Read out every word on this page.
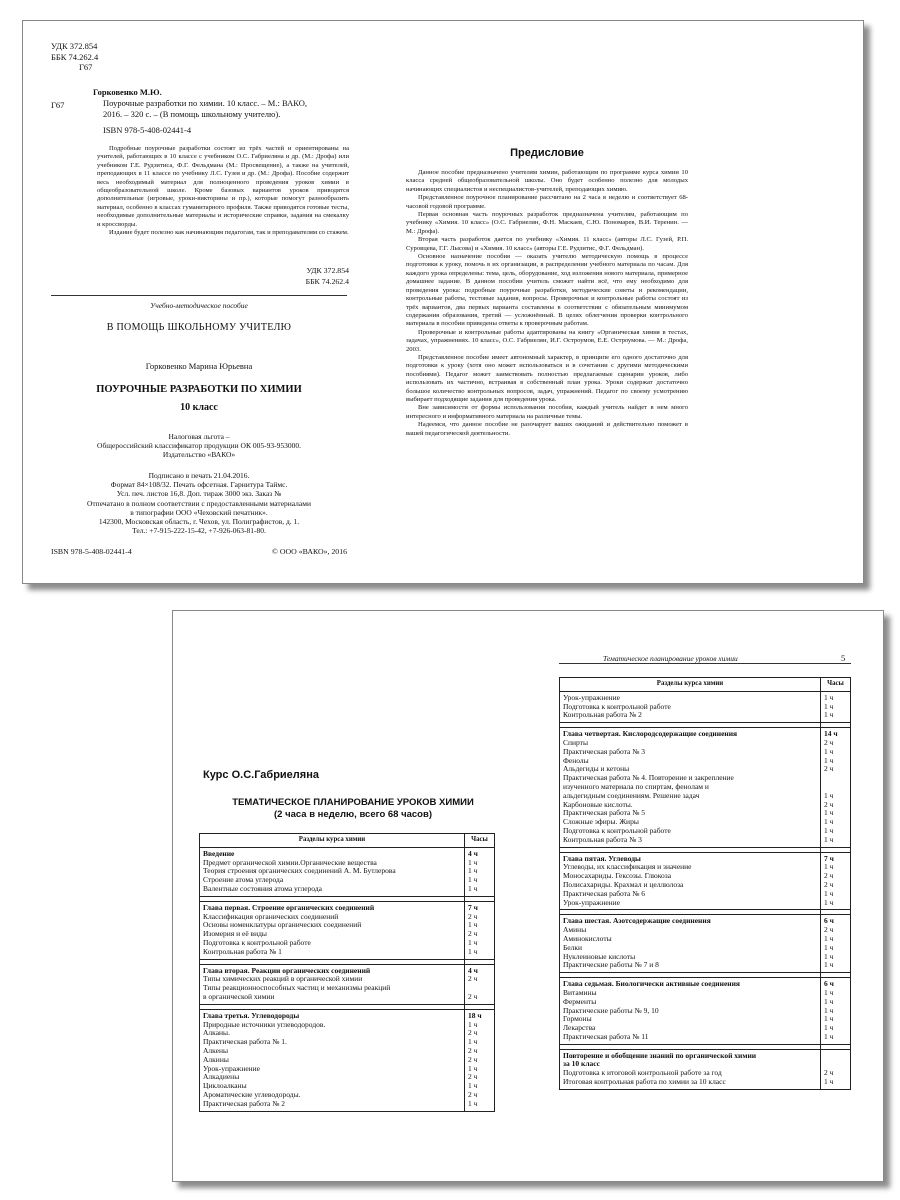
УДК 372.854
ББК 74.262.4
Г67
Горковенко М.Ю.
Г67	Поурочные разработки по химии. 10 класс. – М.: ВАКО,
2016. – 320 с. – (В помощь школьному учителю).
ISBN 978-5-408-02441-4
Подробные поурочные разработки состоят из трёх частей и ориентированы на учителей, работающих в 10 классе с учебником О.С. Габриеляна и др. (М.: Дрофа) или учебником Г.Е. Рудзитиса, Ф.Г. Фельдмана (М.: Просвещение), а также на учителей, преподающих в 11 классе по учебнику Л.С. Гузея и др. (М.: Дрофа). Пособие содержит весь необходимый материал для полноценного проведения уроков химии в общеобразовательной школе. Кроме базовых вариантов уроков приводятся дополнительные (игровые, уроки-викторины и пр.), которые помогут разнообразить материал, особенно в классах гуманитарного профиля. Также приводятся готовые тесты, необходимые дополнительные материалы и исторические справки, задания на смекалку и кроссворды.
Издание будет полезно как начинающим педагогам, так и преподавателям со стажем.
УДК 372.854
ББК 74.262.4
Учебно-методическое пособие
В ПОМОЩЬ ШКОЛЬНОМУ УЧИТЕЛЮ
Горковенко Марина Юрьевна
ПОУРОЧНЫЕ РАЗРАБОТКИ ПО ХИМИИ
10 класс
Налоговая льгота –
Общероссийский классификатор продукции ОК 005-93-953000.
Издательство «ВАКО»
Подписано в печать 21.04.2016.
Формат 84×108/32. Печать офсетная. Гарнитура Таймс.
Усл. печ. листов 16,8. Доп. тираж 3000 экз. Заказ №
Отпечатано в полном соответствии с предоставленными материалами
в типографии ООО «Чеховский печатник».
142300, Московская область, г. Чехов, ул. Полиграфистов, д. 1.
Тел.: +7-915-222-15-42, +7-926-063-81-80.
ISBN 978-5-408-02441-4	© ООО «ВАКО», 2016
Предисловие
Данное пособие предназначено учителям химии, работающим по программе курса химии 10 класса средней общеобразовательной школы. Оно будет особенно полезно для молодых начинающих специалистов и неспециалистов-учителей, преподающих химию.
Представленное поурочное планирование рассчитано на 2 часа в неделю и соответствует 68-часовой годовой программе.
Первая основная часть поурочных разработок предназначена учителям, работающим по учебнику «Химия. 10 класс» (О.С. Габриелян, Ф.Н. Маскаев, С.Ю. Пономарев, В.И. Теренин. — М.: Дрофа).
Вторая часть разработок дается по учебнику «Химия. 11 класс» (авторы Л.С. Гузей, Р.П. Суровцева, Г.Г. Лысова) и «Химия. 10 класс» (авторы Г.Е. Рудзитис, Ф.Г. Фельдман).
Основное назначение пособия — оказать учителю методическую помощь в процессе подготовки к уроку, помочь в их организации, в распределении учебного материала по часам. Для каждого урока определены: тема, цель, оборудование, ход изложения нового материала, примерное домашнее задание. В данном пособии учитель сможет найти всё, что ему необходимо для проведения урока: подробные поурочные разработки, методические советы и рекомендации, контрольные работы, тестовые задания, вопросы. Проверочные и контрольные работы состоят из трёх вариантов, два первых варианта составлены в соответствии с обязательным минимумом содержания образования, третий — усложнённый. В целях облегчения проверки контрольного материала в пособии приведены ответы к проверочным работам.
Проверочные и контрольные работы адаптированы на книгу «Органическая химия в тестах, задачах, упражнениях. 10 класс», О.С. Габриелян, И.Г. Остроумов, Е.Е. Остроумова. — М.: Дрофа, 2003.
Представленное пособие имеет автономный характер, в принципе его одного достаточно для подготовки к уроку (хотя оно может использоваться и в сочетании с другими методическими пособиями). Педагог может заимствовать полностью предлагаемые сценарии уроков, либо использовать их частично, встраивая в собственный план урока. Уроки содержат достаточно большое количество контрольных вопросов, задач, упражнений. Педагог по своему усмотрению выбирает подходящие задания для проведения урока.
Вне зависимости от формы использования пособия, каждый учитель найдет в нем много интересного и информативного материала на различные темы.
Надеемся, что данное пособие не разочарует ваших ожиданий и действительно поможет в вашей педагогической деятельности.
Курс О.С.Габриеляна
ТЕМАТИЧЕСКОЕ ПЛАНИРОВАНИЕ УРОКОВ ХИМИИ
(2 часа в неделю, всего 68 часов)
Разделы курса химии	Часы
Введение	4 ч
Предмет органической химии.Органические вещества	1 ч
Теория строения органических соединений А. М. Бутлерова	1 ч
Строение атома углерода	1 ч
Валентные состояния атома углерода	1 ч

Глава первая. Строение органических соединений	7 ч
Классификация органических соединений	2 ч
Основы номенклатуры органических соединений	1 ч
Изомерия и её виды	2 ч
Подготовка к контрольной работе	1 ч
Контрольная работа № 1	1 ч

Глава вторая. Реакции органических соединений	4 ч
Типы химических реакций в органической химии	2 ч
Типы реакционноспособных частиц и механизмы реакций	
в органической химии	2 ч

Глава третья. Углеводороды	18 ч
Природные источники углеводородов.	1 ч
Алканы.	2 ч
Практическая работа № 1.	1 ч
Алкены	2 ч
Алкины	2 ч
Урок-упражнение	1 ч
Алкадиены	2 ч
Циклоалканы	1 ч
Ароматические углеводороды.	2 ч
Практическая работа № 2	1 ч
Тематическое планирование уроков химии	5
Разделы курса химии	Часы
Урок-упражнение	1 ч
Подготовка к контрольной работе	1 ч
Контрольная работа № 2	1 ч

Глава четвертая. Кислородсодержащие соединения	14 ч
Спирты	2 ч
Практическая работа № 3	1 ч
Фенолы	1 ч
Альдегиды и кетоны	2 ч
Практическая работа № 4. Повторение и закрепление	
изученного материала по спиртам, фенолам и	
альдегидным соединениям. Решение задач	1 ч
Карбоновые кислоты.	2 ч
Практическая работа № 5	1 ч
Сложные эфиры. Жиры	1 ч
Подготовка к контрольной работе	1 ч
Контрольная работа № 3	1 ч

Глава пятая. Углеводы	7 ч
Углеводы, их классификация и значение	1 ч
Моносахариды. Гексозы. Глюкоза	2 ч
Полисахариды. Крахмал и целлюлоза	2 ч
Практическая работа № 6	1 ч
Урок-упражнение	1 ч

Глава шестая. Азотсодержащие соединения	6 ч
Амины	2 ч
Аминокислоты	1 ч
Белки	1 ч
Нуклеиновые кислоты	1 ч
Практические работы № 7 и 8	1 ч

Глава седьмая. Биологически активные соединения	6 ч
Витамины	1 ч
Ферменты	1 ч
Практические работы № 9, 10	1 ч
Гормоны	1 ч
Лекарства	1 ч
Практическая работа № 11	1 ч

Повторение и обобщение знаний по органической химии	
за 10 класс	
Подготовка к итоговой контрольной работе за год	2 ч
Итоговая контрольная работа по химии за 10 класс	1 ч
